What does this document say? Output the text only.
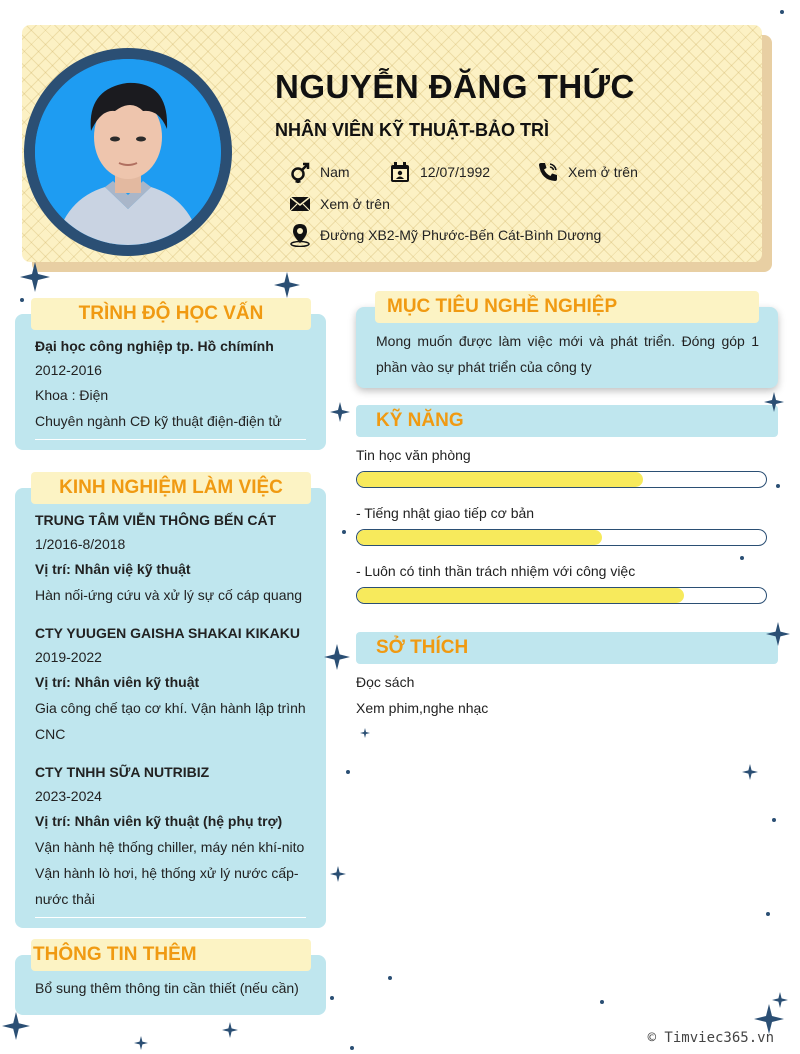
NGUYỄN ĐĂNG THỨC
NHÂN VIÊN KỸ THUẬT-BẢO TRÌ
Nam	12/07/1992	Xem ở trên
Xem ở trên
Đường XB2-Mỹ Phước-Bến Cát-Bình Dương
TRÌNH ĐỘ HỌC VẤN
Đại học công nghiệp tp. Hồ chímính
2012-2016
Khoa : Điện
Chuyên ngành CĐ kỹ thuật điện-điện tử
KINH NGHIỆM LÀM VIỆC
TRUNG TÂM VIỄN THÔNG BẾN CÁT
1/2016-8/2018
Vị trí: Nhân việ kỹ thuật
Hàn nối-ứng cứu và xử lý sự cố cáp quang
CTY YUUGEN GAISHA SHAKAI KIKAKU
2019-2022
Vị trí: Nhân viên kỹ thuật
Gia công chế tạo cơ khí. Vận hành lập trình
CNC
CTY TNHH SỮA NUTRIBIZ
2023-2024
Vị trí: Nhân viên kỹ thuật (hệ phụ trợ)
Vận hành hệ thống chiller, máy nén khí-nito
Vận hành lò hơi, hệ thống xử lý nước cấp-
nước thải
THÔNG TIN THÊM
Bổ sung thêm thông tin cần thiết (nếu cần)
MỤC TIÊU NGHỀ NGHIỆP
Mong muốn được làm việc mới và phát triển. Đóng góp 1 phần vào sự phát triển của công ty
KỸ NĂNG
Tin học văn phòng
- Tiếng nhật giao tiếp cơ bản
- Luôn có tinh thần trách nhiệm với công việc
SỞ THÍCH
Đọc sách
Xem phim,nghe nhạc
© Timviec365.vn
